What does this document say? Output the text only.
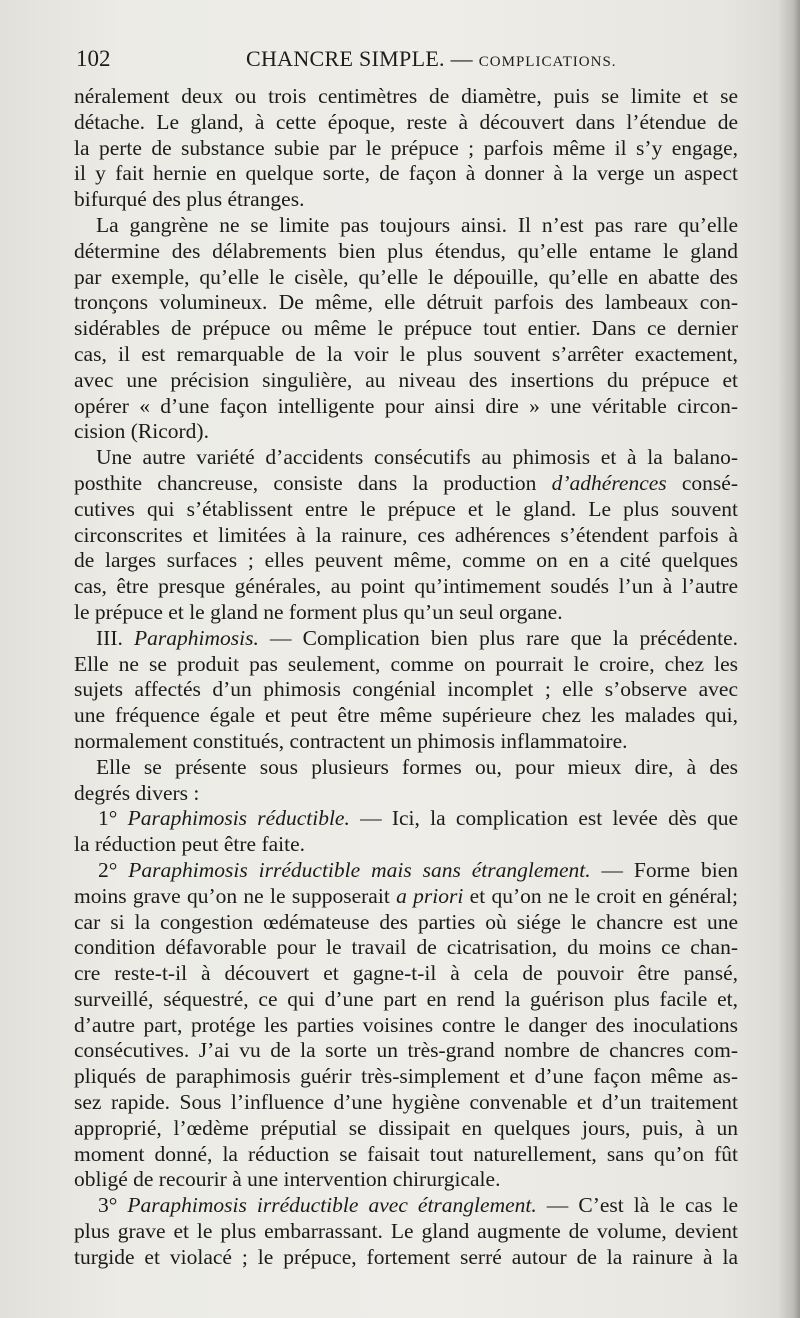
102	CHANCRE SIMPLE. — COMPLICATIONS.
néralement deux ou trois centimètres de diamètre, puis se limite et se
détache. Le gland, à cette époque, reste à découvert dans l’étendue de
la perte de substance subie par le prépuce ; parfois même il s’y engage,
il y fait hernie en quelque sorte, de façon à donner à la verge un aspect
bifurqué des plus étranges.
La gangrène ne se limite pas toujours ainsi. Il n’est pas rare qu’elle
détermine des délabrements bien plus étendus, qu’elle entame le gland
par exemple, qu’elle le cisèle, qu’elle le dépouille, qu’elle en abatte des
tronçons volumineux. De même, elle détruit parfois des lambeaux con-
sidérables de prépuce ou même le prépuce tout entier. Dans ce dernier
cas, il est remarquable de la voir le plus souvent s’arrêter exactement,
avec une précision singulière, au niveau des insertions du prépuce et
opérer « d’une façon intelligente pour ainsi dire » une véritable circon-
cision (Ricord).
Une autre variété d’accidents consécutifs au phimosis et à la balano-
posthite chancreuse, consiste dans la production d’adhérences consé-
cutives qui s’établissent entre le prépuce et le gland. Le plus souvent
circonscrites et limitées à la rainure, ces adhérences s’étendent parfois à
de larges surfaces ; elles peuvent même, comme on en a cité quelques
cas, être presque générales, au point qu’intimement soudés l’un à l’autre
le prépuce et le gland ne forment plus qu’un seul organe.
III. Paraphimosis. — Complication bien plus rare que la précédente.
Elle ne se produit pas seulement, comme on pourrait le croire, chez les
sujets affectés d’un phimosis congénial incomplet ; elle s’observe avec
une fréquence égale et peut être même supérieure chez les malades qui,
normalement constitués, contractent un phimosis inflammatoire.
Elle se présente sous plusieurs formes ou, pour mieux dire, à des
degrés divers :
1° Paraphimosis réductible. — Ici, la complication est levée dès que
la réduction peut être faite.
2° Paraphimosis irréductible mais sans étranglement. — Forme bien
moins grave qu’on ne le supposerait a priori et qu’on ne le croit en général;
car si la congestion œdémateuse des parties où siége le chancre est une
condition défavorable pour le travail de cicatrisation, du moins ce chan-
cre reste-t-il à découvert et gagne-t-il à cela de pouvoir être pansé,
surveillé, séquestré, ce qui d’une part en rend la guérison plus facile et,
d’autre part, protége les parties voisines contre le danger des inoculations
consécutives. J’ai vu de la sorte un très-grand nombre de chancres com-
pliqués de paraphimosis guérir très-simplement et d’une façon même as-
sez rapide. Sous l’influence d’une hygiène convenable et d’un traitement
approprié, l’œdème préputial se dissipait en quelques jours, puis, à un
moment donné, la réduction se faisait tout naturellement, sans qu’on fût
obligé de recourir à une intervention chirurgicale.
3° Paraphimosis irréductible avec étranglement. — C’est là le cas le
plus grave et le plus embarrassant. Le gland augmente de volume, devient
turgide et violacé ; le prépuce, fortement serré autour de la rainure à la
